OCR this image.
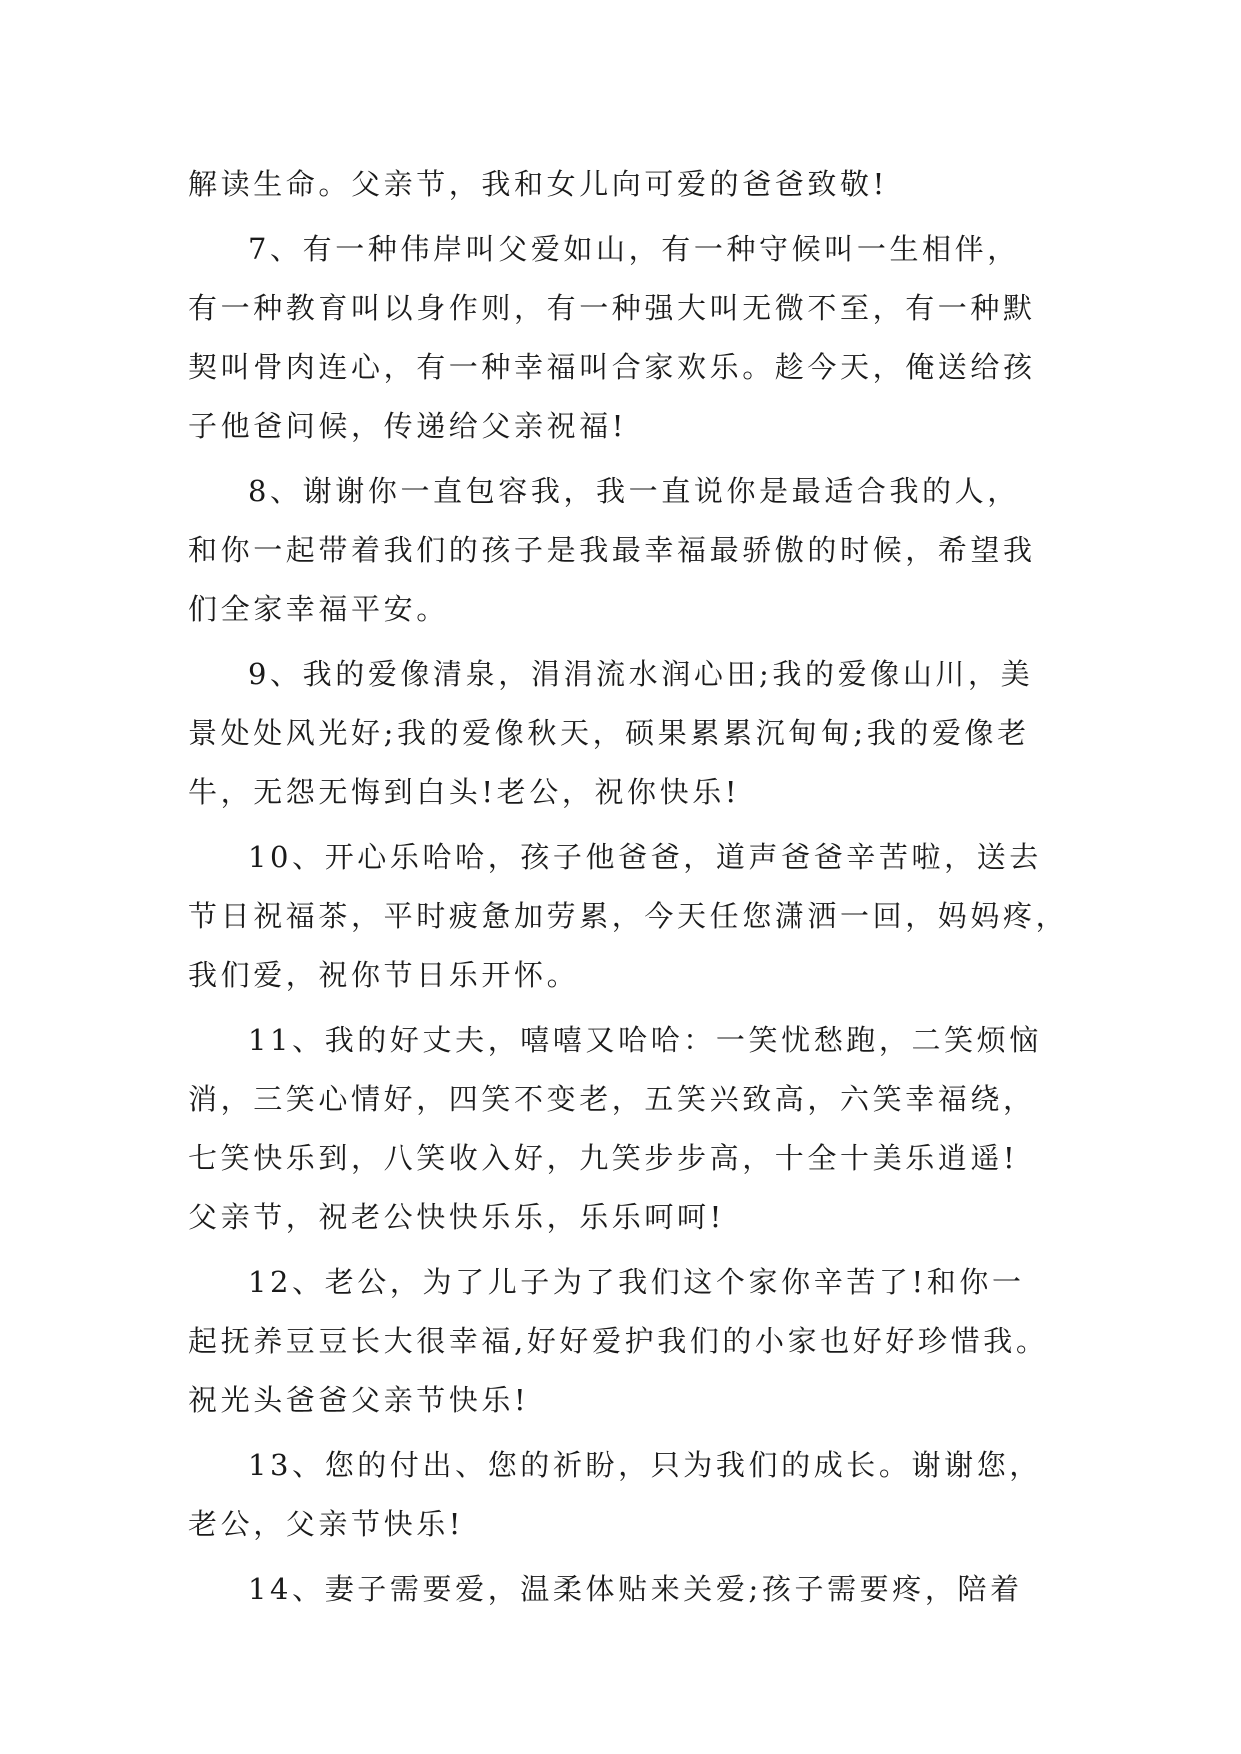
解读生命。父亲节，我和女儿向可爱的爸爸致敬!
7、有一种伟岸叫父爱如山，有一种守候叫一生相伴，
有一种教育叫以身作则，有一种强大叫无微不至，有一种默
契叫骨肉连心，有一种幸福叫合家欢乐。趁今天，俺送给孩
子他爸问候，传递给父亲祝福!
8、谢谢你一直包容我，我一直说你是最适合我的人，
和你一起带着我们的孩子是我最幸福最骄傲的时候，希望我
们全家幸福平安。
9、我的爱像清泉，涓涓流水润心田;我的爱像山川，美
景处处风光好;我的爱像秋天，硕果累累沉甸甸;我的爱像老
牛，无怨无悔到白头!老公，祝你快乐!
10、开心乐哈哈，孩子他爸爸，道声爸爸辛苦啦，送去
节日祝福茶，平时疲惫加劳累，今天任您潇洒一回，妈妈疼，
我们爱，祝你节日乐开怀。
11、我的好丈夫，嘻嘻又哈哈：一笑忧愁跑，二笑烦恼
消，三笑心情好，四笑不变老，五笑兴致高，六笑幸福绕，
七笑快乐到，八笑收入好，九笑步步高，十全十美乐逍遥!
父亲节，祝老公快快乐乐，乐乐呵呵!
12、老公，为了儿子为了我们这个家你辛苦了!和你一
起抚养豆豆长大很幸福,好好爱护我们的小家也好好珍惜我。
祝光头爸爸父亲节快乐!
13、您的付出、您的祈盼，只为我们的成长。谢谢您，
老公，父亲节快乐!
14、妻子需要爱，温柔体贴来关爱;孩子需要疼，陪着
